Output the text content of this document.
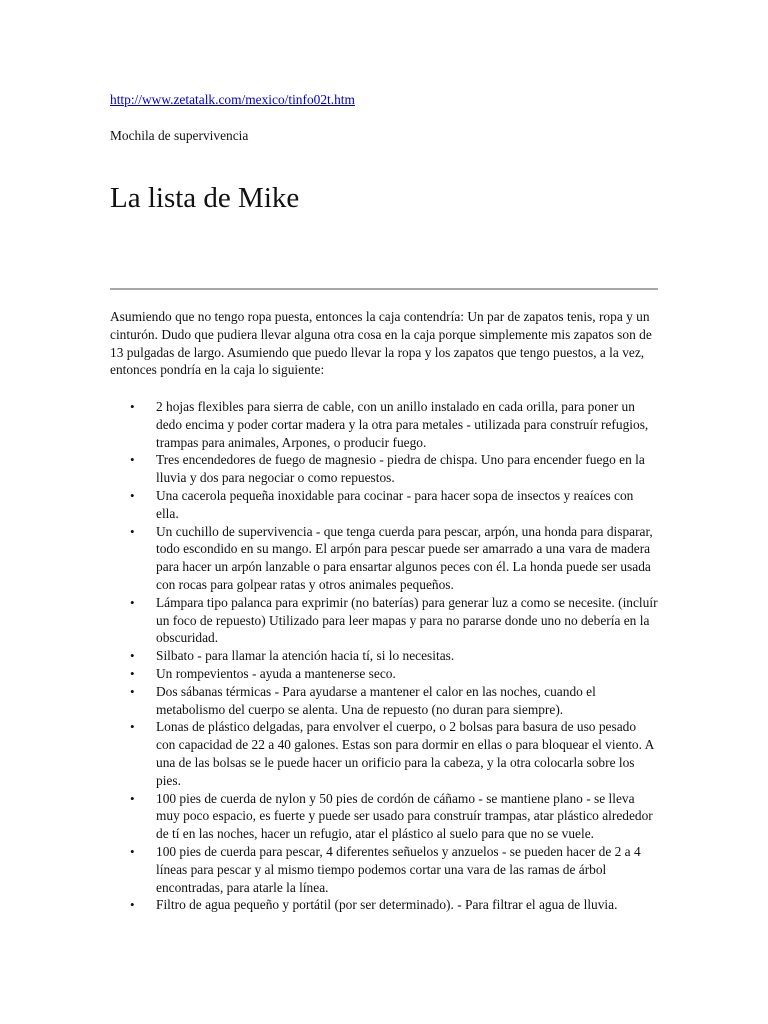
http://www.zetatalk.com/mexico/tinfo02t.htm
Mochila de supervivencia
La lista de Mike

Asumiendo que no tengo ropa puesta, entonces la caja contendría: Un par de zapatos tenis, ropa y un cinturón. Dudo que pudiera llevar alguna otra cosa en la caja porque simplemente mis zapatos son de 13 pulgadas de largo. Asumiendo que puedo llevar la ropa y los zapatos que tengo puestos, a la vez, entonces pondría en la caja lo siguiente:

• 2 hojas flexibles para sierra de cable, con un anillo instalado en cada orilla, para poner un dedo encima y poder cortar madera y la otra para metales - utilizada para construír refugios, trampas para animales, Arpones, o producir fuego.
• Tres encendedores de fuego de magnesio - piedra de chispa. Uno para encender fuego en la lluvia y dos para negociar o como repuestos.
• Una cacerola pequeña inoxidable para cocinar - para hacer sopa de insectos y reaíces con ella.
• Un cuchillo de supervivencia - que tenga cuerda para pescar, arpón, una honda para disparar, todo escondido en su mango. El arpón para pescar puede ser amarrado a una vara de madera para hacer un arpón lanzable o para ensartar algunos peces con él. La honda puede ser usada con rocas para golpear ratas y otros animales pequeños.
• Lámpara tipo palanca para exprimir (no baterías) para generar luz a como se necesite. (incluír un foco de repuesto) Utilizado para leer mapas y para no pararse donde uno no debería en la obscuridad.
• Silbato - para llamar la atención hacia tí, si lo necesitas.
• Un rompevientos - ayuda a mantenerse seco.
• Dos sábanas térmicas - Para ayudarse a mantener el calor en las noches, cuando el metabolismo del cuerpo se alenta. Una de repuesto (no duran para siempre).
• Lonas de plástico delgadas, para envolver el cuerpo, o 2 bolsas para basura de uso pesado con capacidad de 22 a 40 galones. Estas son para dormir en ellas o para bloquear el viento. A una de las bolsas se le puede hacer un orificio para la cabeza, y la otra colocarla sobre los pies.
• 100 pies de cuerda de nylon y 50 pies de cordón de cáñamo - se mantiene plano - se lleva muy poco espacio, es fuerte y puede ser usado para construír trampas, atar plástico alrededor de tí en las noches, hacer un refugio, atar el plástico al suelo para que no se vuele.
• 100 pies de cuerda para pescar, 4 diferentes señuelos y anzuelos - se pueden hacer de 2 a 4 líneas para pescar y al mismo tiempo podemos cortar una vara de las ramas de árbol encontradas, para atarle la línea.
• Filtro de agua pequeño y portátil (por ser determinado). - Para filtrar el agua de lluvia.
